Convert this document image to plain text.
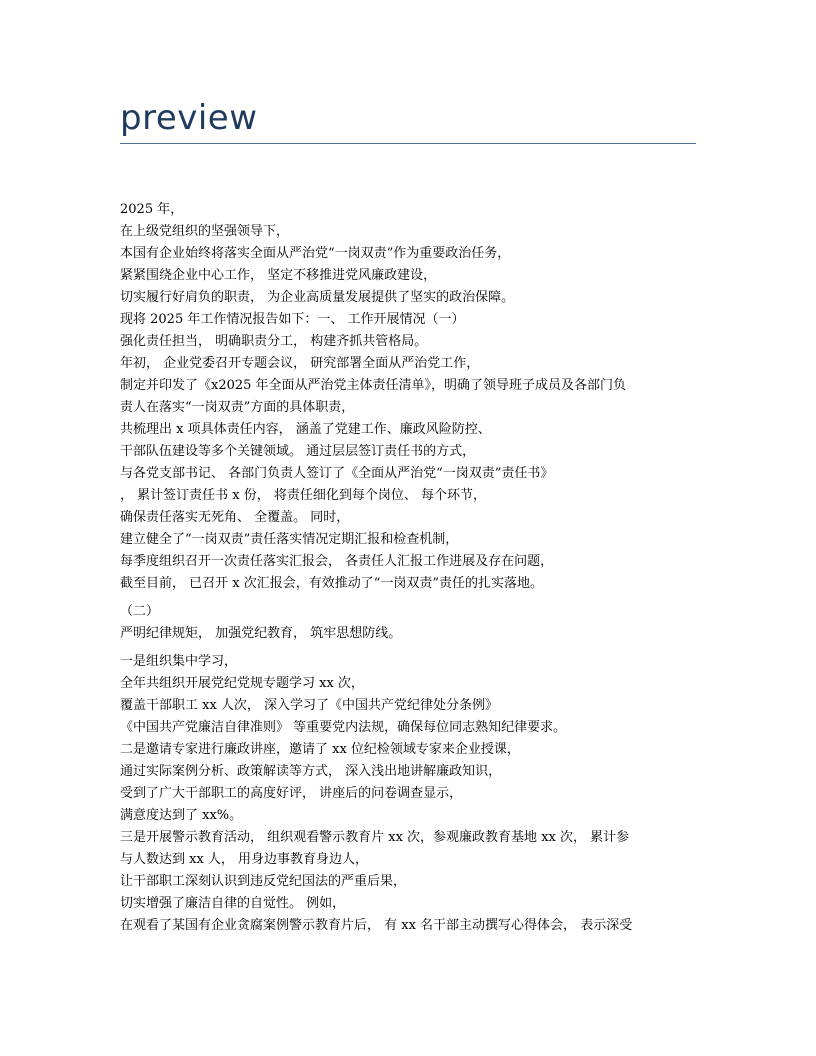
preview
2025 年，
在上级党组织的坚强领导下，
本国有企业始终将落实全面从严治党“一岗双责”作为重要政治任务，
紧紧围绕企业中心工作， 坚定不移推进党风廉政建设，
切实履行好肩负的职责， 为企业高质量发展提供了坚实的政治保障。
现将 2025 年工作情况报告如下：一、 工作开展情况（一）
强化责任担当， 明确职责分工， 构建齐抓共管格局。
年初， 企业党委召开专题会议， 研究部署全面从严治党工作，
制定并印发了《x2025 年全面从严治党主体责任清单》，明确了领导班子成员及各部门负
责人在落实“一岗双责”方面的具体职责，
共梳理出 x 项具体责任内容， 涵盖了党建工作、廉政风险防控、
干部队伍建设等多个关键领域。 通过层层签订责任书的方式，
与各党支部书记、 各部门负责人签订了《全面从严治党“一岗双责”责任书》
， 累计签订责任书 x 份， 将责任细化到每个岗位、 每个环节，
确保责任落实无死角、 全覆盖。 同时，
建立健全了“一岗双责”责任落实情况定期汇报和检查机制，
每季度组织召开一次责任落实汇报会， 各责任人汇报工作进展及存在问题，
截至目前， 已召开 x 次汇报会，有效推动了“一岗双责”责任的扎实落地。
（二）
严明纪律规矩， 加强党纪教育， 筑牢思想防线。
一是组织集中学习，
全年共组织开展党纪党规专题学习 xx 次，
覆盖干部职工 xx 人次， 深入学习了《中国共产党纪律处分条例》
《中国共产党廉洁自律准则》 等重要党内法规，确保每位同志熟知纪律要求。
二是邀请专家进行廉政讲座，邀请了 xx 位纪检领域专家来企业授课，
通过实际案例分析、政策解读等方式， 深入浅出地讲解廉政知识，
受到了广大干部职工的高度好评， 讲座后的问卷调查显示，
满意度达到了 xx%。
三是开展警示教育活动， 组织观看警示教育片 xx 次，参观廉政教育基地 xx 次， 累计参
与人数达到 xx 人， 用身边事教育身边人，
让干部职工深刻认识到违反党纪国法的严重后果，
切实增强了廉洁自律的自觉性。 例如，
在观看了某国有企业贪腐案例警示教育片后， 有 xx 名干部主动撰写心得体会， 表示深受
